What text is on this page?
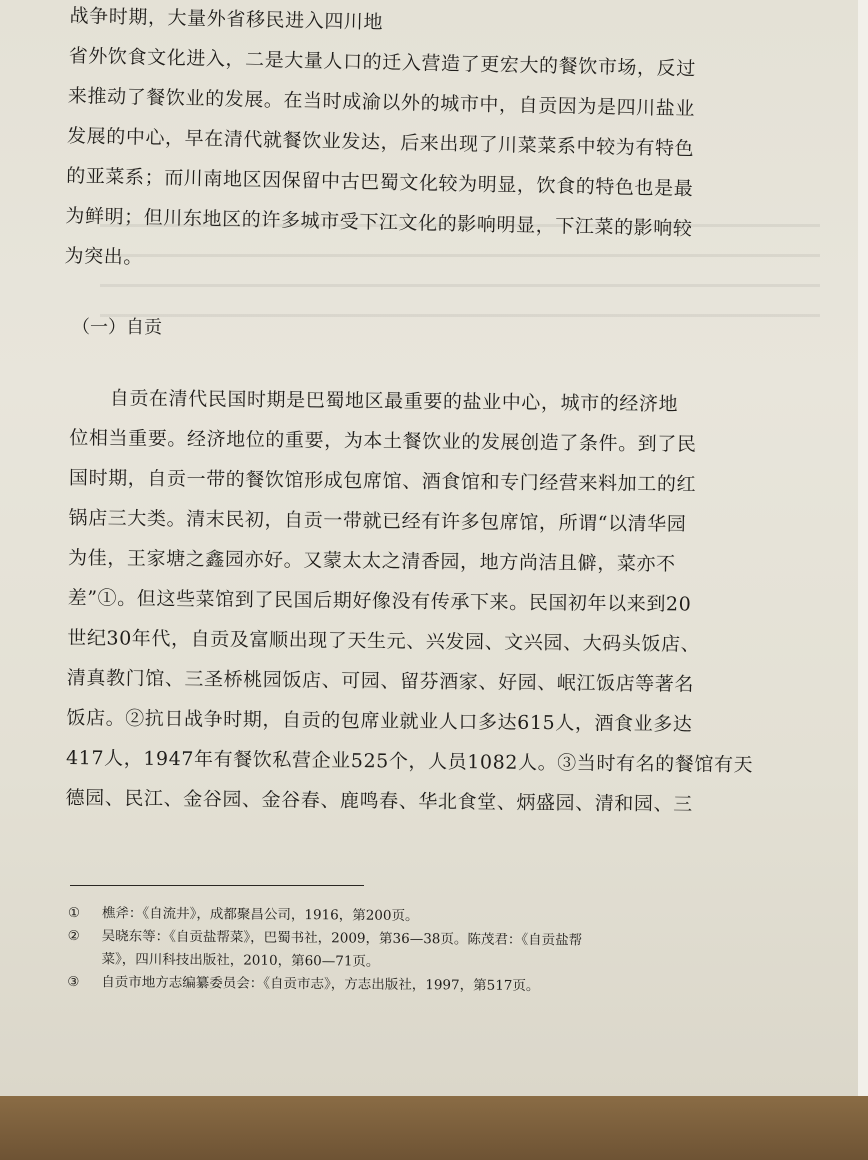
战争时期，大量外省移民进入四川地
省外饮食文化进入，二是大量人口的迁入营造了更宏大的餐饮市场，反过
来推动了餐饮业的发展。在当时成渝以外的城市中，自贡因为是四川盐业
发展的中心，早在清代就餐饮业发达，后来出现了川菜菜系中较为有特色
的亚菜系；而川南地区因保留中古巴蜀文化较为明显，饮食的特色也是最
为鲜明；但川东地区的许多城市受下江文化的影响明显，下江菜的影响较
为突出。
（一）自贡
自贡在清代民国时期是巴蜀地区最重要的盐业中心，城市的经济地
位相当重要。经济地位的重要，为本土餐饮业的发展创造了条件。到了民
国时期，自贡一带的餐饮馆形成包席馆、酒食馆和专门经营来料加工的红
锅店三大类。清末民初，自贡一带就已经有许多包席馆，所谓“以清华园
为佳，王家塘之鑫园亦好。又蒙太太之清香园，地方尚洁且僻，菜亦不
差”①。但这些菜馆到了民国后期好像没有传承下来。民国初年以来到20
世纪30年代，自贡及富顺出现了天生元、兴发园、文兴园、大码头饭店、
清真教门馆、三圣桥桃园饭店、可园、留芬酒家、好园、岷江饭店等著名
饭店。②抗日战争时期，自贡的包席业就业人口多达615人，酒食业多达
417人，1947年有餐饮私营企业525个，人员1082人。③当时有名的餐馆有天
德园、民江、金谷园、金谷春、鹿鸣春、华北食堂、炳盛园、清和园、三
①	樵斧：《自流井》，成都聚昌公司，1916，第200页。
②	吴晓东等：《自贡盐帮菜》，巴蜀书社，2009，第36—38页。陈茂君：《自贡盐帮
菜》，四川科技出版社，2010，第60—71页。
③	自贡市地方志编纂委员会：《自贡市志》，方志出版社，1997，第517页。
